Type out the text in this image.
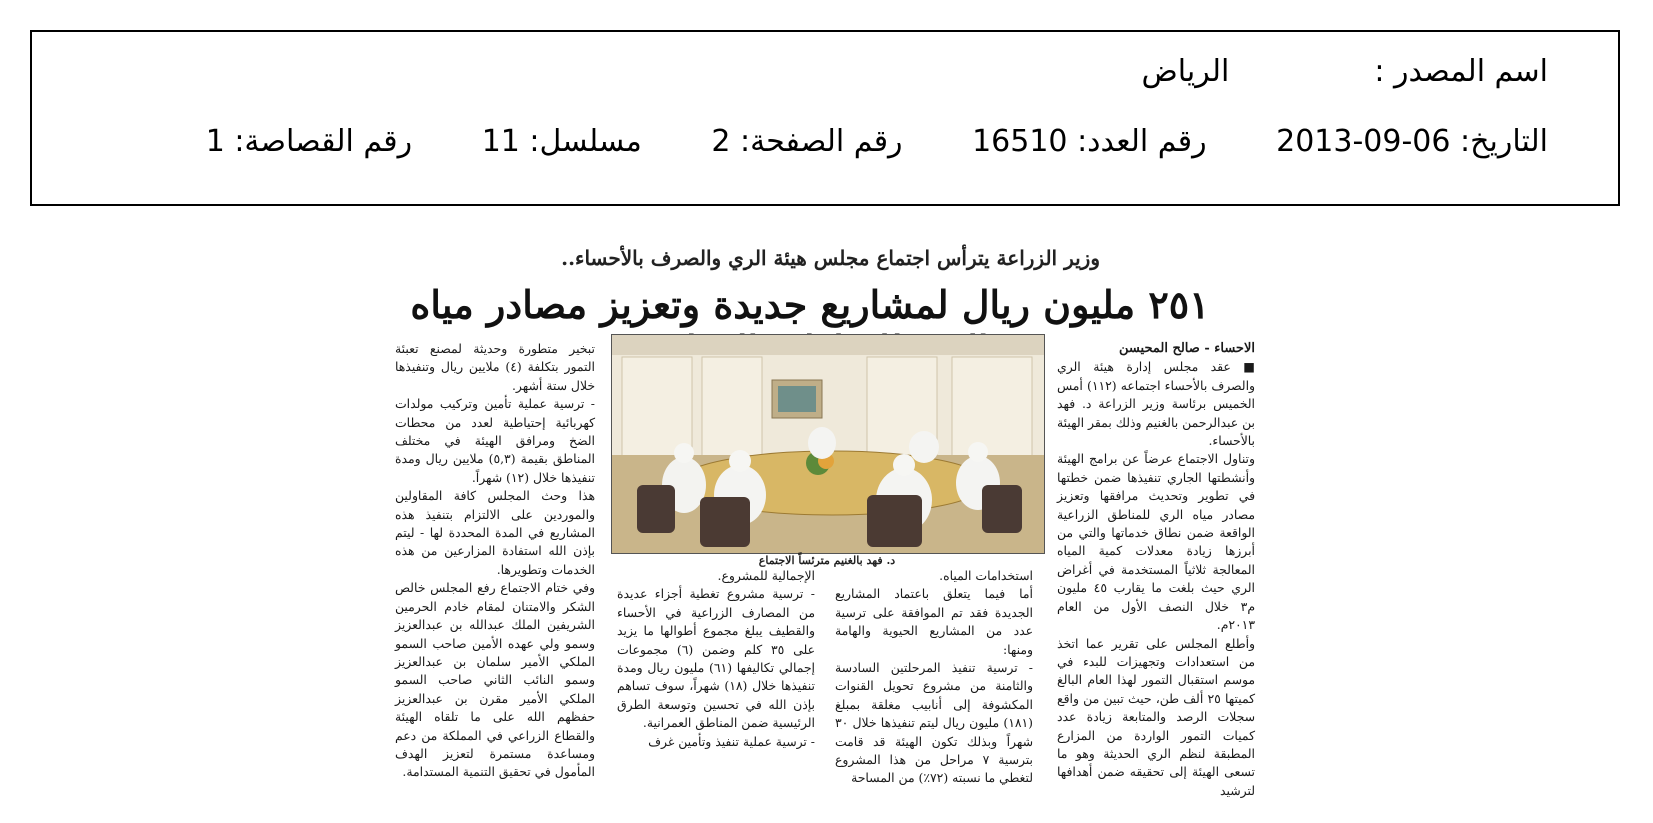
اسم المصدر :الرياض
التاريخ: 2013-09-06 رقم العدد: 16510 رقم الصفحة: 2 مسلسل: 11 رقم القصاصة: 1
وزير الزراعة يترأس اجتماع مجلس هيئة الري والصرف بالأحساء..
٢٥١ مليون ريال لمشاريع جديدة وتعزيز مصادر مياه

الاحساء - صالح المحيسن

■ عقد مجلس إدارة هيئة الري والصرف بالأحساء اجتماعه (١١٢) أمس الخميس برئاسة وزير الزراعة د. فهد بن عبدالرحمن بالغنيم وذلك بمقر الهيئة بالأحساء.

وتناول الاجتماع عرضاً عن برامج الهيئة وأنشطتها الجاري تنفيذها ضمن خطتها في تطوير وتحديث مرافقها وتعزيز مصادر مياه الري للمناطق الزراعية الواقعة ضمن نطاق خدماتها والتي من أبرزها زيادة معدلات كمية المياه المعالجة ثلاثياً المستخدمة في أغراض الري حيث بلغت ما يقارب ٤٥ مليون م٣ خلال النصف الأول من العام ٢٠١٣م.

وأطلع المجلس على تقرير عما اتخذ من استعدادات وتجهيزات للبدء في موسم استقبال التمور لهذا العام البالغ كميتها ٢٥ ألف طن، حيث تبين من واقع سجلات الرصد والمتابعة زيادة عدد كميات التمور الواردة من المزارع المطبقة لنظم الري الحديثة وهو ما تسعى الهيئة إلى تحقيقه ضمن أهدافها لترشيد

د. فهد بالغنيم مترئساً الاجتماع

استخدامات المياه.

أما فيما يتعلق باعتماد المشاريع الجديدة فقد تم الموافقة على ترسية عدد من المشاريع الحيوية والهامة ومنها:

- ترسية تنفيذ المرحلتين السادسة والثامنة من مشروع تحويل القنوات المكشوفة إلى أنابيب مغلقة بمبلغ (١٨١) مليون ريال ليتم تنفيذها خلال ٣٠ شهراً وبذلك تكون الهيئة قد قامت بترسية ٧ مراحل من هذا المشروع لتغطي ما نسبته (٧٢٪) من المساحة

الإجمالية للمشروع.

- ترسية مشروع تغطية أجزاء عديدة من المصارف الزراعية في الأحساء والقطيف يبلغ مجموع أطوالها ما يزيد على ٣٥ كلم وضمن (٦) مجموعات إجمالي تكاليفها (٦١) مليون ريال ومدة تنفيذها خلال (١٨) شهراً، سوف تساهم بإذن الله في تحسين وتوسعة الطرق الرئيسية ضمن المناطق العمرانية.

- ترسية عملية تنفيذ وتأمين غرف

تبخير متطورة وحديثة لمصنع تعبئة التمور بتكلفة (٤) ملايين ريال وتنفيذها خلال ستة أشهر.

- ترسية عملية تأمين وتركيب مولدات كهربائية إحتياطية لعدد من محطات الضخ ومرافق الهيئة في مختلف المناطق بقيمة (٥,٣) ملايين ريال ومدة تنفيذها خلال (١٢) شهراً.

هذا وحث المجلس كافة المقاولين والموردين على الالتزام بتنفيذ هذه المشاريع في المدة المحددة لها - ليتم بإذن الله استفادة المزارعين من هذه الخدمات وتطويرها.

وفي ختام الاجتماع رفع المجلس خالص الشكر والامتنان لمقام خادم الحرمين الشريفين الملك عبدالله بن عبدالعزيز وسمو ولي عهده الأمين صاحب السمو الملكي الأمير سلمان بن عبدالعزيز وسمو النائب الثاني صاحب السمو الملكي الأمير مقرن بن عبدالعزيز حفظهم الله على ما تلقاه الهيئة والقطاع الزراعي في المملكة من دعم ومساعدة مستمرة لتعزيز الهدف المأمول في تحقيق التنمية المستدامة.
